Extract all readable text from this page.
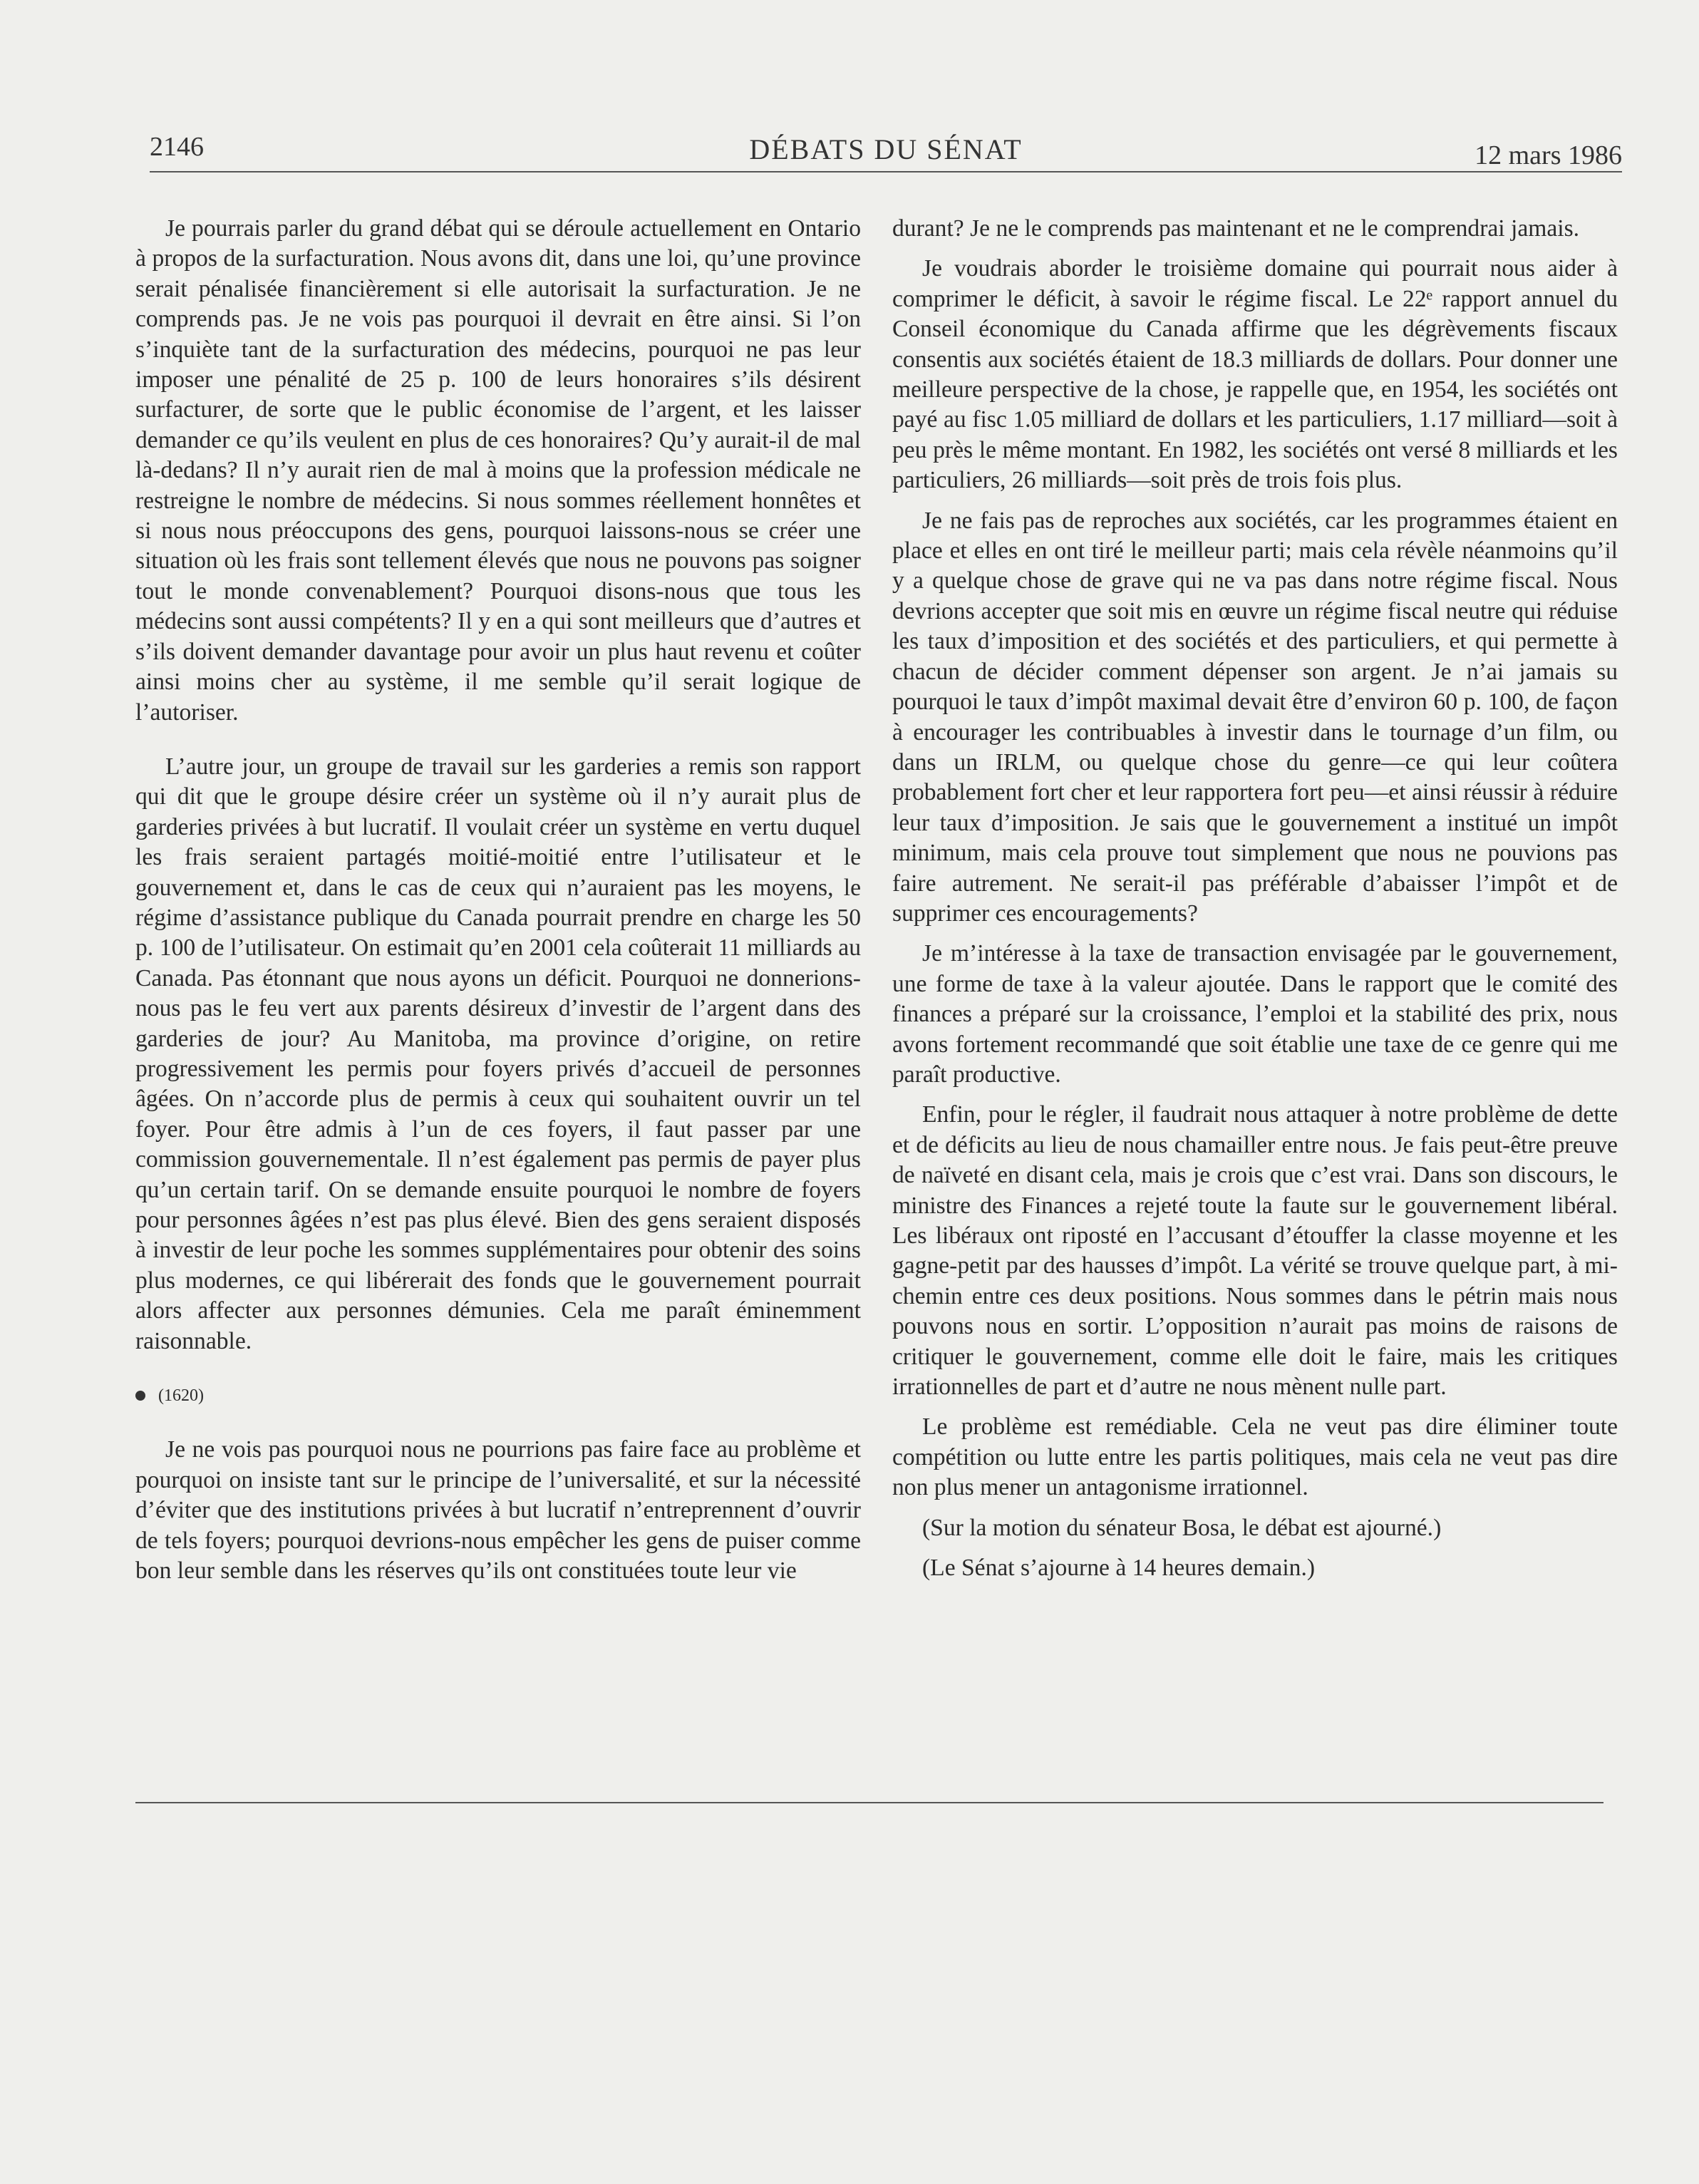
2146	DÉBATS DU SÉNAT	12 mars 1986

Je pourrais parler du grand débat qui se déroule actuellement en Ontario à propos de la surfacturation. Nous avons dit, dans une loi, qu’une province serait pénalisée financièrement si elle autorisait la surfacturation. Je ne comprends pas. Je ne vois pas pourquoi il devrait en être ainsi. Si l’on s’inquiète tant de la surfacturation des médecins, pourquoi ne pas leur imposer une pénalité de 25 p. 100 de leurs honoraires s’ils désirent surfacturer, de sorte que le public économise de l’argent, et les laisser demander ce qu’ils veulent en plus de ces honoraires? Qu’y aurait-il de mal là-dedans? Il n’y aurait rien de mal à moins que la profession médicale ne restreigne le nombre de médecins. Si nous sommes réellement honnêtes et si nous nous préoccupons des gens, pourquoi laissons-nous se créer une situation où les frais sont tellement élevés que nous ne pouvons pas soigner tout le monde convenablement? Pourquoi disons-nous que tous les médecins sont aussi compétents? Il y en a qui sont meilleurs que d’autres et s’ils doivent demander davantage pour avoir un plus haut revenu et coûter ainsi moins cher au système, il me semble qu’il serait logique de l’autoriser.

L’autre jour, un groupe de travail sur les garderies a remis son rapport qui dit que le groupe désire créer un système où il n’y aurait plus de garderies privées à but lucratif. Il voulait créer un système en vertu duquel les frais seraient partagés moitié-moitié entre l’utilisateur et le gouvernement et, dans le cas de ceux qui n’auraient pas les moyens, le régime d’assistance publique du Canada pourrait prendre en charge les 50 p. 100 de l’utilisateur. On estimait qu’en 2001 cela coûterait 11 milliards au Canada. Pas étonnant que nous ayons un déficit. Pourquoi ne donnerions-nous pas le feu vert aux parents désireux d’investir de l’argent dans des garderies de jour? Au Manitoba, ma province d’origine, on retire progressivement les permis pour foyers privés d’accueil de personnes âgées. On n’accorde plus de permis à ceux qui souhaitent ouvrir un tel foyer. Pour être admis à l’un de ces foyers, il faut passer par une commission gouvernementale. Il n’est également pas permis de payer plus qu’un certain tarif. On se demande ensuite pourquoi le nombre de foyers pour personnes âgées n’est pas plus élevé. Bien des gens seraient disposés à investir de leur poche les sommes supplémentaires pour obtenir des soins plus modernes, ce qui libérerait des fonds que le gouvernement pourrait alors affecter aux personnes démunies. Cela me paraît éminemment raisonnable.

(1620)

Je ne vois pas pourquoi nous ne pourrions pas faire face au problème et pourquoi on insiste tant sur le principe de l’universalité, et sur la nécessité d’éviter que des institutions privées à but lucratif n’entreprennent d’ouvrir de tels foyers; pourquoi devrions-nous empêcher les gens de puiser comme bon leur semble dans les réserves qu’ils ont constituées toute leur vie

durant? Je ne le comprends pas maintenant et ne le comprendrai jamais.

Je voudrais aborder le troisième domaine qui pourrait nous aider à comprimer le déficit, à savoir le régime fiscal. Le 22ᵉ rapport annuel du Conseil économique du Canada affirme que les dégrèvements fiscaux consentis aux sociétés étaient de 18.3 milliards de dollars. Pour donner une meilleure perspective de la chose, je rappelle que, en 1954, les sociétés ont payé au fisc 1.05 milliard de dollars et les particuliers, 1.17 milliard—soit à peu près le même montant. En 1982, les sociétés ont versé 8 milliards et les particuliers, 26 milliards—soit près de trois fois plus.

Je ne fais pas de reproches aux sociétés, car les programmes étaient en place et elles en ont tiré le meilleur parti; mais cela révèle néanmoins qu’il y a quelque chose de grave qui ne va pas dans notre régime fiscal. Nous devrions accepter que soit mis en œuvre un régime fiscal neutre qui réduise les taux d’imposition et des sociétés et des particuliers, et qui permette à chacun de décider comment dépenser son argent. Je n’ai jamais su pourquoi le taux d’impôt maximal devait être d’environ 60 p. 100, de façon à encourager les contribuables à investir dans le tournage d’un film, ou dans un IRLM, ou quelque chose du genre—ce qui leur coûtera probablement fort cher et leur rapportera fort peu—et ainsi réussir à réduire leur taux d’imposition. Je sais que le gouvernement a institué un impôt minimum, mais cela prouve tout simplement que nous ne pouvions pas faire autrement. Ne serait-il pas préférable d’abaisser l’impôt et de supprimer ces encouragements?

Je m’intéresse à la taxe de transaction envisagée par le gouvernement, une forme de taxe à la valeur ajoutée. Dans le rapport que le comité des finances a préparé sur la croissance, l’emploi et la stabilité des prix, nous avons fortement recommandé que soit établie une taxe de ce genre qui me paraît productive.

Enfin, pour le régler, il faudrait nous attaquer à notre problème de dette et de déficits au lieu de nous chamailler entre nous. Je fais peut-être preuve de naïveté en disant cela, mais je crois que c’est vrai. Dans son discours, le ministre des Finances a rejeté toute la faute sur le gouvernement libéral. Les libéraux ont riposté en l’accusant d’étouffer la classe moyenne et les gagne-petit par des hausses d’impôt. La vérité se trouve quelque part, à mi-chemin entre ces deux positions. Nous sommes dans le pétrin mais nous pouvons nous en sortir. L’opposition n’aurait pas moins de raisons de critiquer le gouvernement, comme elle doit le faire, mais les critiques irrationnelles de part et d’autre ne nous mènent nulle part.

Le problème est remédiable. Cela ne veut pas dire éliminer toute compétition ou lutte entre les partis politiques, mais cela ne veut pas dire non plus mener un antagonisme irrationnel.

(Sur la motion du sénateur Bosa, le débat est ajourné.)

(Le Sénat s’ajourne à 14 heures demain.)
